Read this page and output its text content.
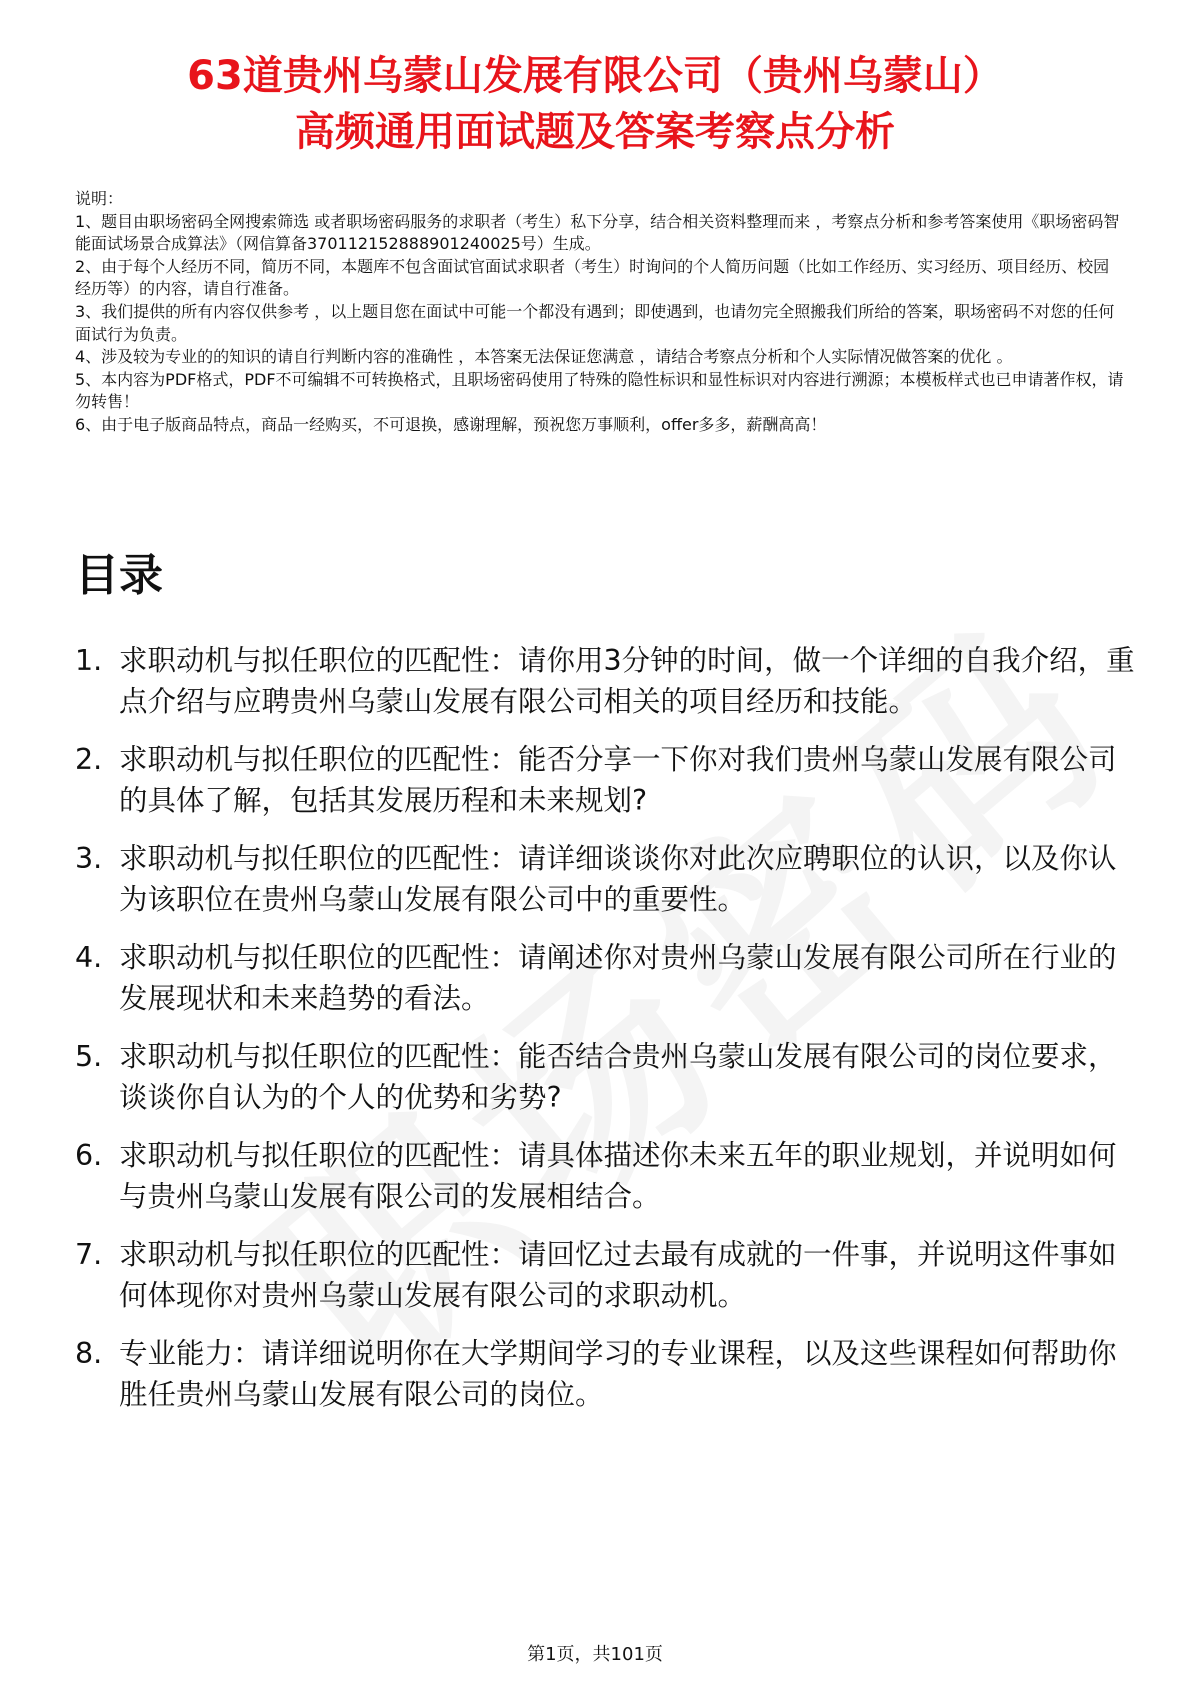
63道贵州乌蒙山发展有限公司（贵州乌蒙山）
高频通用面试题及答案考察点分析

说明：

1、题目由职场密码全网搜索筛选 或者职场密码服务的求职者（考生）私下分享，结合相关资料整理而来 ，考察点分析和参考答案使用《职场密码智能面试场景合成算法》（网信算备370112152888901240025号）生成。

2、由于每个人经历不同，简历不同，本题库不包含面试官面试求职者（考生）时询问的个人简历问题（比如工作经历、实习经历、项目经历、校园经历等）的内容，请自行准备。

3、我们提供的所有内容仅供参考 ，以上题目您在面试中可能一个都没有遇到；即使遇到，也请勿完全照搬我们所给的答案，职场密码不对您的任何面试行为负责。

4、涉及较为专业的的知识的请自行判断内容的准确性 ，本答案无法保证您满意 ，请结合考察点分析和个人实际情况做答案的优化 。

5、本内容为PDF格式，PDF不可编辑不可转换格式，且职场密码使用了特殊的隐性标识和显性标识对内容进行溯源；本模板样式也已申请著作权，请勿转售！

6、由于电子版商品特点，商品一经购买，不可退换，感谢理解，预祝您万事顺利，offer多多，薪酬高高！

目录
1. 求职动机与拟任职位的匹配性：请你用3分钟的时间，做一个详细的自我介绍，重点介绍与应聘贵州乌蒙山发展有限公司相关的项目经历和技能。
2. 求职动机与拟任职位的匹配性：能否分享一下你对我们贵州乌蒙山发展有限公司的具体了解，包括其发展历程和未来规划?
3. 求职动机与拟任职位的匹配性：请详细谈谈你对此次应聘职位的认识，以及你认为该职位在贵州乌蒙山发展有限公司中的重要性。
4. 求职动机与拟任职位的匹配性：请阐述你对贵州乌蒙山发展有限公司所在行业的发展现状和未来趋势的看法。
5. 求职动机与拟任职位的匹配性：能否结合贵州乌蒙山发展有限公司的岗位要求，谈谈你自认为的个人的优势和劣势?
6. 求职动机与拟任职位的匹配性：请具体描述你未来五年的职业规划，并说明如何与贵州乌蒙山发展有限公司的发展相结合。
7. 求职动机与拟任职位的匹配性：请回忆过去最有成就的一件事，并说明这件事如何体现你对贵州乌蒙山发展有限公司的求职动机。
8. 专业能力：请详细说明你在大学期间学习的专业课程，以及这些课程如何帮助你胜任贵州乌蒙山发展有限公司的岗位。
第1页，共101页
